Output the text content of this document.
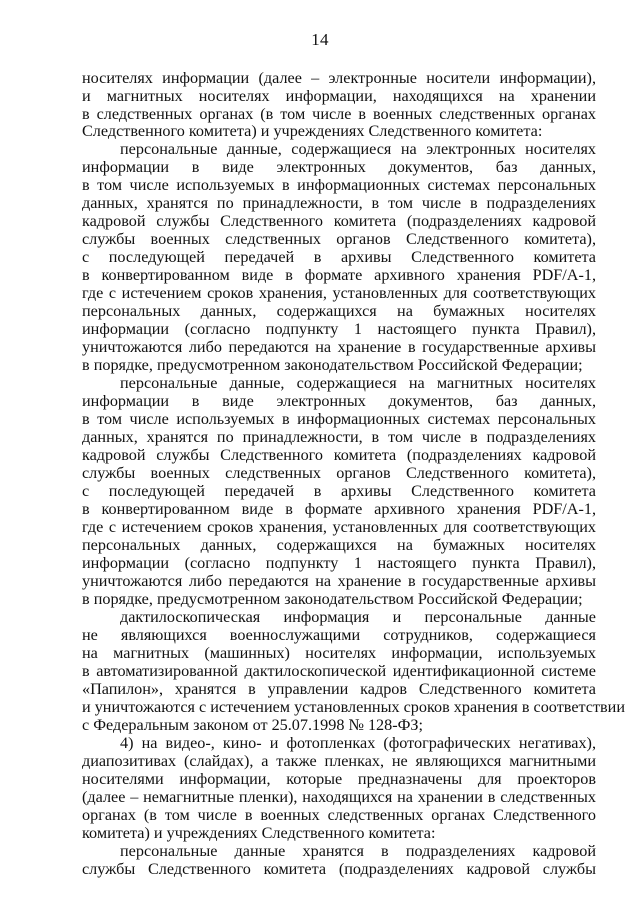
14
носителях информации (далее – электронные носители информации),
и магнитных носителях информации, находящихся на хранении
в следственных органах (в том числе в военных следственных органах
Следственного комитета) и учреждениях Следственного комитета:
персональные данные, содержащиеся на электронных носителях
информации в виде электронных документов, баз данных,
в том числе используемых в информационных системах персональных
данных, хранятся по принадлежности, в том числе в подразделениях
кадровой службы Следственного комитета (подразделениях кадровой
службы военных следственных органов Следственного комитета),
с последующей передачей в архивы Следственного комитета
в конвертированном виде в формате архивного хранения PDF/A-1,
где с истечением сроков хранения, установленных для соответствующих
персональных данных, содержащихся на бумажных носителях
информации (согласно подпункту 1 настоящего пункта Правил),
уничтожаются либо передаются на хранение в государственные архивы
в порядке, предусмотренном законодательством Российской Федерации;
персональные данные, содержащиеся на магнитных носителях
информации в виде электронных документов, баз данных,
в том числе используемых в информационных системах персональных
данных, хранятся по принадлежности, в том числе в подразделениях
кадровой службы Следственного комитета (подразделениях кадровой
службы военных следственных органов Следственного комитета),
с последующей передачей в архивы Следственного комитета
в конвертированном виде в формате архивного хранения PDF/A-1,
где с истечением сроков хранения, установленных для соответствующих
персональных данных, содержащихся на бумажных носителях
информации (согласно подпункту 1 настоящего пункта Правил),
уничтожаются либо передаются на хранение в государственные архивы
в порядке, предусмотренном законодательством Российской Федерации;
дактилоскопическая информация и персональные данные
не являющихся военнослужащими сотрудников, содержащиеся
на магнитных (машинных) носителях информации, используемых
в автоматизированной дактилоскопической идентификационной системе
«Папилон», хранятся в управлении кадров Следственного комитета
и уничтожаются с истечением установленных сроков хранения в соответствии
с Федеральным законом от 25.07.1998 № 128-ФЗ;
4) на видео-, кино- и фотопленках (фотографических негативах),
диапозитивах (слайдах), а также пленках, не являющихся магнитными
носителями информации, которые предназначены для проекторов
(далее – немагнитные пленки), находящихся на хранении в следственных
органах (в том числе в военных следственных органах Следственного
комитета) и учреждениях Следственного комитета:
персональные данные хранятся в подразделениях кадровой
службы Следственного комитета (подразделениях кадровой службы
